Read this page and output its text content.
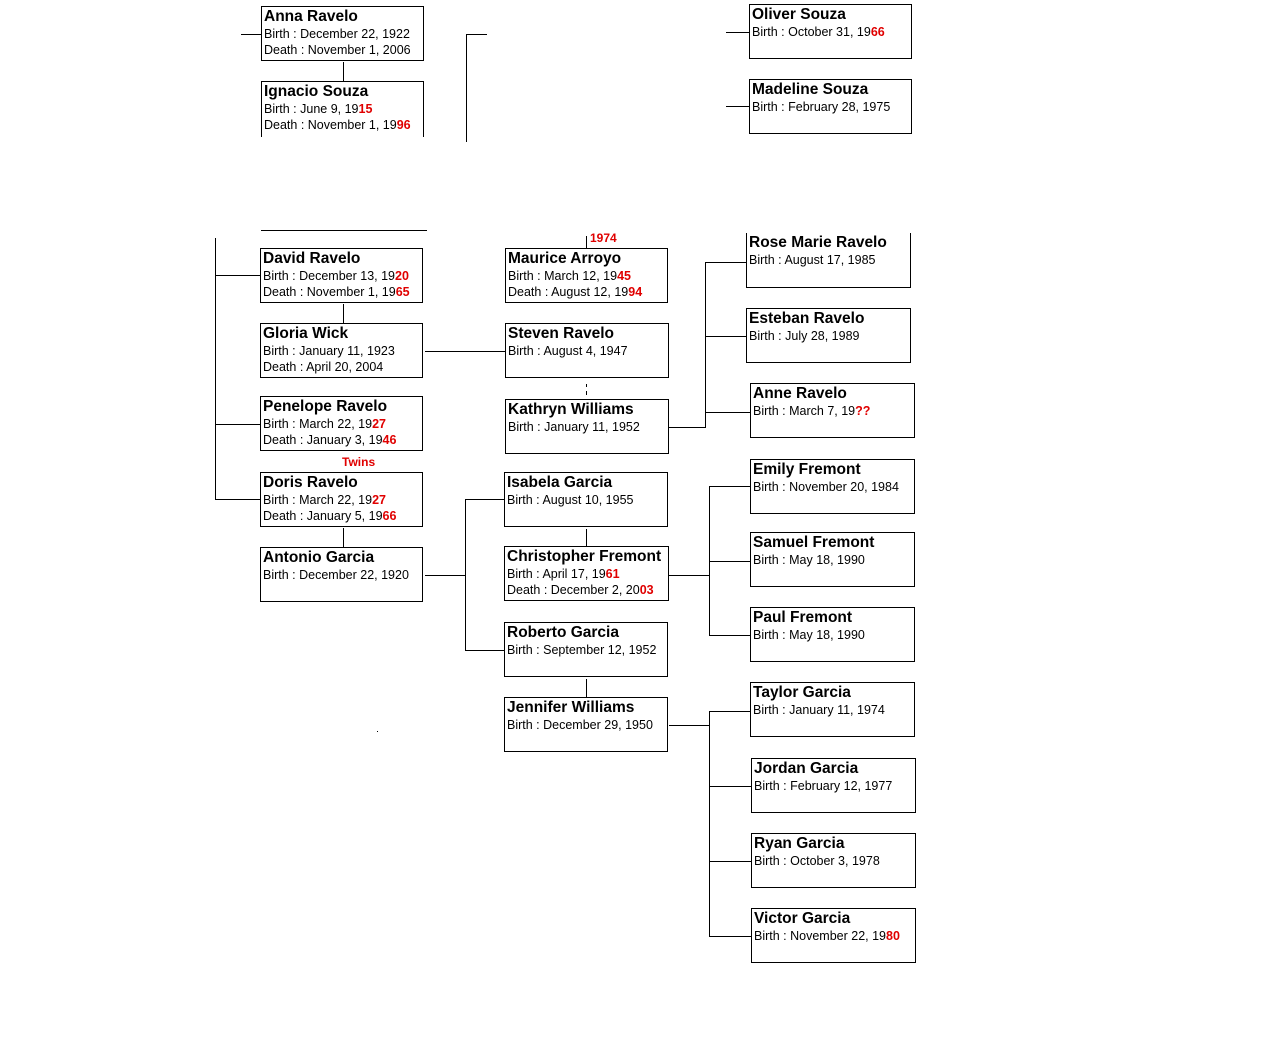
Anna Ravelo
Birth : December 22, 1922
Death : November 1, 2006
Ignacio Souza
Birth : June 9, 1915
Death : November 1, 1996
Oliver Souza
Birth : October 31, 1966
Madeline Souza
Birth : February 28, 1975
David Ravelo
Birth : December 13, 1920
Death : November 1, 1965
Gloria Wick
Birth : January 11, 1923
Death : April 20, 2004
Penelope Ravelo
Birth : March 22, 1927
Death : January 3, 1946
Doris Ravelo
Birth : March 22, 1927
Death : January 5, 1966
Antonio Garcia
Birth : December 22, 1920
Maurice Arroyo
Birth : March 12, 1945
Death : August 12, 1994
Steven Ravelo
Birth : August 4, 1947
Kathryn Williams
Birth : January 11, 1952
Isabela Garcia
Birth : August 10, 1955
Christopher Fremont
Birth : April 17, 1961
Death : December 2, 2003
Roberto Garcia
Birth : September 12, 1952
Jennifer Williams
Birth : December 29, 1950
Rose Marie Ravelo
Birth : August 17, 1985
Esteban Ravelo
Birth : July 28, 1989
Anne Ravelo
Birth : March 7, 19??
Emily Fremont
Birth : November 20, 1984
Samuel Fremont
Birth : May 18, 1990
Paul Fremont
Birth : May 18, 1990
Taylor Garcia
Birth : January 11, 1974
Jordan Garcia
Birth : February 12, 1977
Ryan Garcia
Birth : October 3, 1978
Victor Garcia
Birth : November 22, 1980
1974
Twins
